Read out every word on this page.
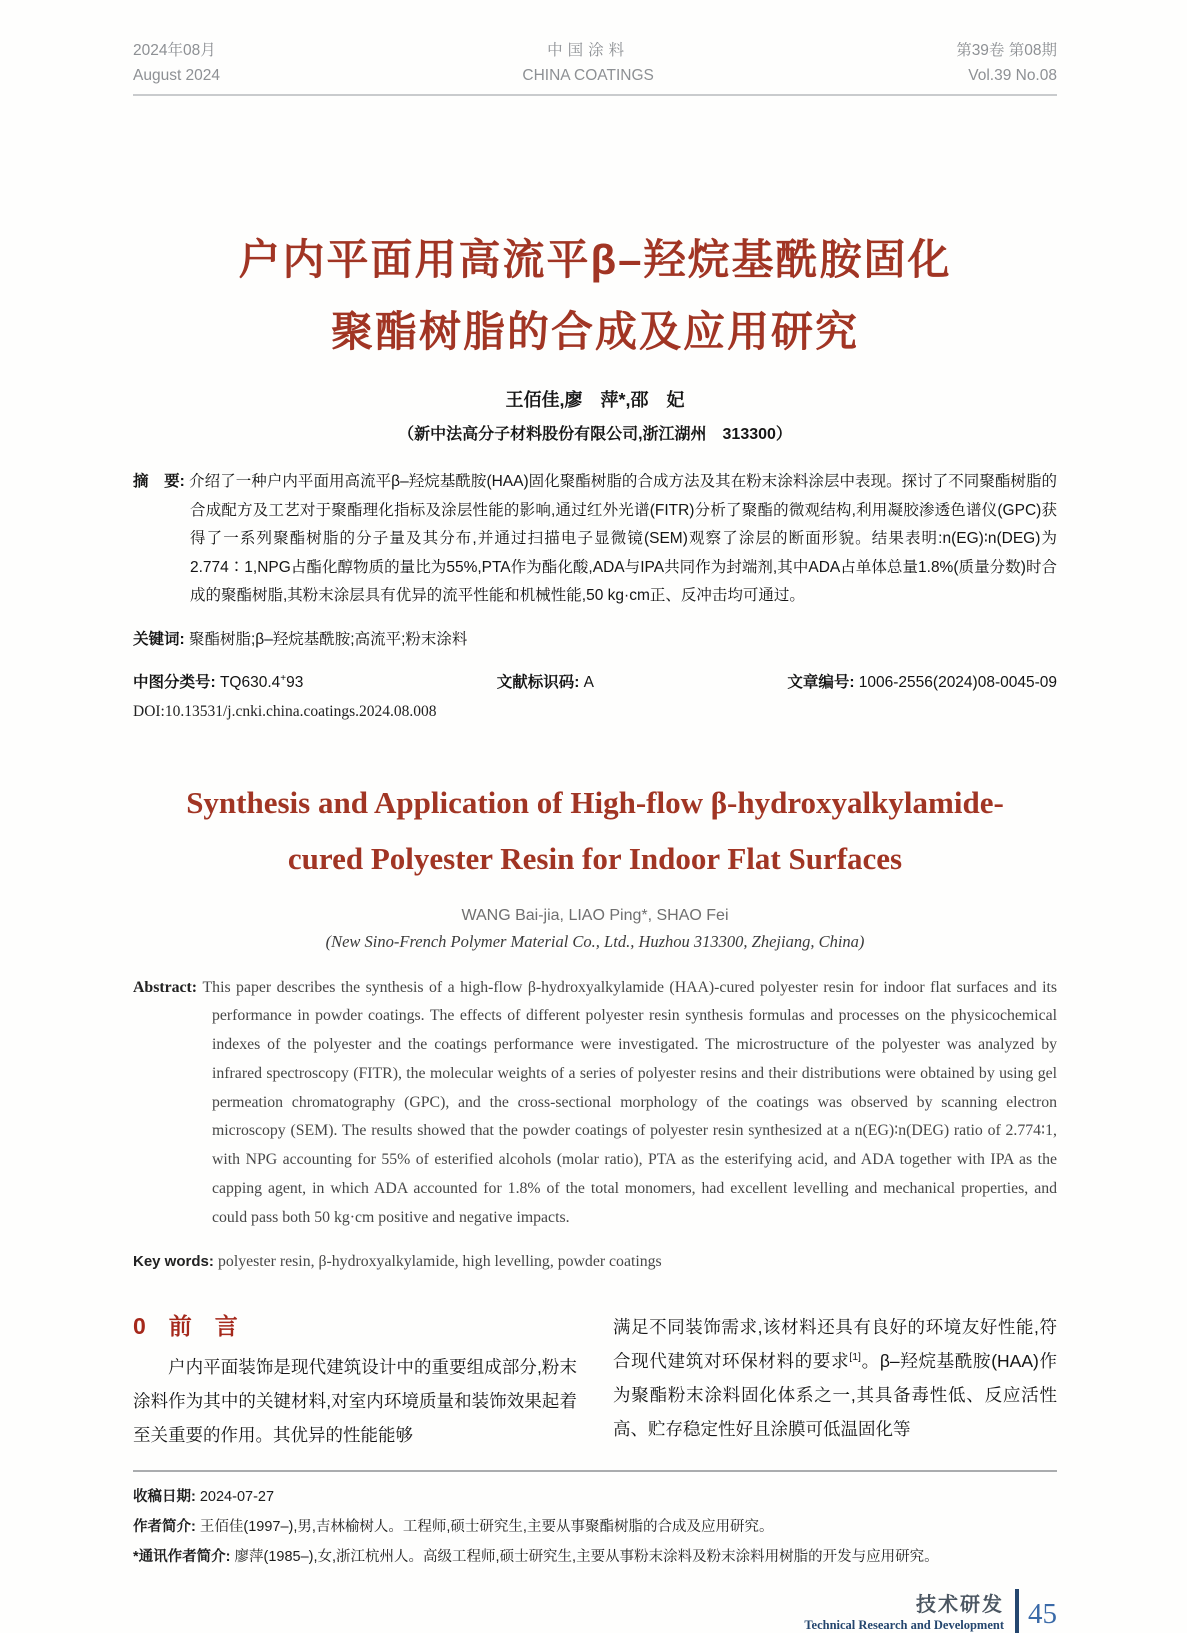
2024年08月
August 2024
中国涂料
CHINA COATINGS
第39卷 第08期
Vol.39 No.08
户内平面用高流平β–羟烷基酰胺固化
聚酯树脂的合成及应用研究
王佰佳,廖　萍*,邵　妃
（新中法高分子材料股份有限公司,浙江湖州　313300）

摘　要: 介绍了一种户内平面用高流平β–羟烷基酰胺(HAA)固化聚酯树脂的合成方法及其在粉末涂料涂层中表现。探讨了不同聚酯树脂的合成配方及工艺对于聚酯理化指标及涂层性能的影响,通过红外光谱(FITR)分析了聚酯的微观结构,利用凝胶渗透色谱仪(GPC)获得了一系列聚酯树脂的分子量及其分布,并通过扫描电子显微镜(SEM)观察了涂层的断面形貌。结果表明:n(EG)∶n(DEG)为2.774∶1,NPG占酯化醇物质的量比为55%,PTA作为酯化酸,ADA与IPA共同作为封端剂,其中ADA占单体总量1.8%(质量分数)时合成的聚酯树脂,其粉末涂层具有优异的流平性能和机械性能,50 kg·cm正、反冲击均可通过。

关键词: 聚酯树脂;β–羟烷基酰胺;高流平;粉末涂料

中图分类号: TQ630.4+93	文献标识码: A	文章编号: 1006-2556(2024)08-0045-09
DOI:10.13531/j.cnki.china.coatings.2024.08.008
Synthesis and Application of High-flow β-hydroxyalkylamide-
cured Polyester Resin for Indoor Flat Surfaces
WANG Bai-jia, LIAO Ping*, SHAO Fei
(New Sino-French Polymer Material Co., Ltd., Huzhou 313300, Zhejiang, China)

Abstract: This paper describes the synthesis of a high-flow β-hydroxyalkylamide (HAA)-cured polyester resin for indoor flat surfaces and its performance in powder coatings. The effects of different polyester resin synthesis formulas and processes on the physicochemical indexes of the polyester and the coatings performance were investigated. The microstructure of the polyester was analyzed by infrared spectroscopy (FITR), the molecular weights of a series of polyester resins and their distributions were obtained by using gel permeation chromatography (GPC), and the cross-sectional morphology of the coatings was observed by scanning electron microscopy (SEM). The results showed that the powder coatings of polyester resin synthesized at a n(EG)∶n(DEG) ratio of 2.774∶1, with NPG accounting for 55% of esterified alcohols (molar ratio), PTA as the esterifying acid, and ADA together with IPA as the capping agent, in which ADA accounted for 1.8% of the total monomers, had excellent levelling and mechanical properties, and could pass both 50 kg·cm positive and negative impacts.

Key words: polyester resin, β-hydroxyalkylamide, high levelling, powder coatings

0　前　言

户内平面装饰是现代建筑设计中的重要组成部分,粉末涂料作为其中的关键材料,对室内环境质量和装饰效果起着至关重要的作用。其优异的性能能够

满足不同装饰需求,该材料还具有良好的环境友好性能,符合现代建筑对环保材料的要求[1]。β–羟烷基酰胺(HAA)作为聚酯粉末涂料固化体系之一,其具备毒性低、反应活性高、贮存稳定性好且涂膜可低温固化等

收稿日期: 2024-07-27
作者简介: 王佰佳(1997–),男,吉林榆树人。工程师,硕士研究生,主要从事聚酯树脂的合成及应用研究。
*通讯作者简介: 廖萍(1985–),女,浙江杭州人。高级工程师,硕士研究生,主要从事粉末涂料及粉末涂料用树脂的开发与应用研究。
技术研发
Technical Research and Development 45
